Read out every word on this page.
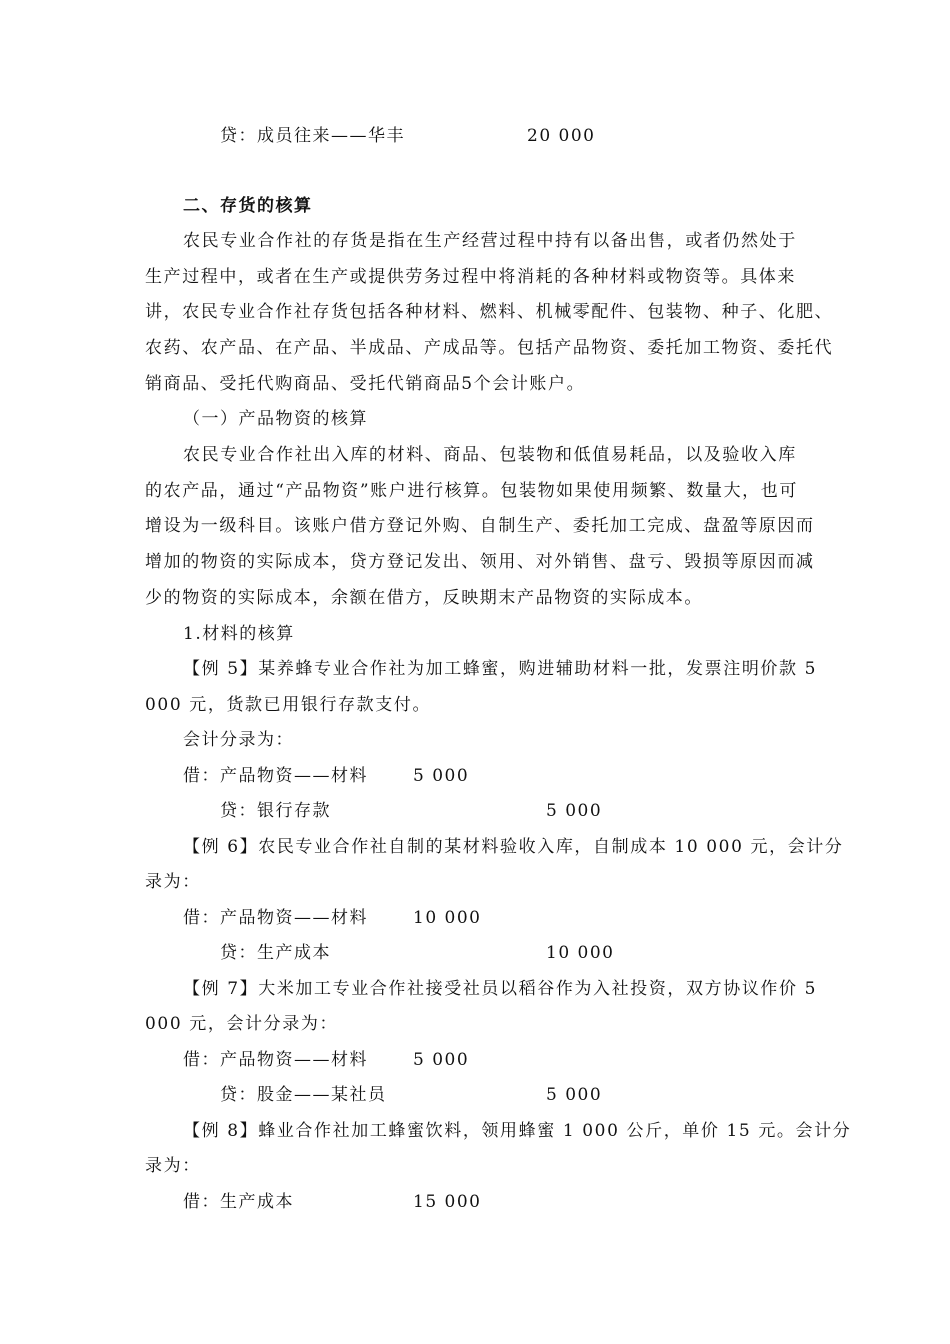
贷：成员往来——华丰	20 000
二、存货的核算
农民专业合作社的存货是指在生产经营过程中持有以备出售，或者仍然处于
生产过程中，或者在生产或提供劳务过程中将消耗的各种材料或物资等。具体来
讲，农民专业合作社存货包括各种材料、燃料、机械零配件、包装物、种子、化肥、
农药、农产品、在产品、半成品、产成品等。包括产品物资、委托加工物资、委托代
销商品、受托代购商品、受托代销商品5个会计账户。
（一）产品物资的核算
农民专业合作社出入库的材料、商品、包装物和低值易耗品，以及验收入库
的农产品，通过“产品物资”账户进行核算。包装物如果使用频繁、数量大，也可
增设为一级科目。该账户借方登记外购、自制生产、委托加工完成、盘盈等原因而
增加的物资的实际成本，贷方登记发出、领用、对外销售、盘亏、毁损等原因而减
少的物资的实际成本，余额在借方，反映期末产品物资的实际成本。
1.材料的核算
【例 5】某养蜂专业合作社为加工蜂蜜，购进辅助材料一批，发票注明价款 5
000 元，货款已用银行存款支付。
会计分录为：
借：产品物资——材料	5 000
贷：银行存款	5 000
【例 6】农民专业合作社自制的某材料验收入库，自制成本 10 000 元，会计分
录为：
借：产品物资——材料	10 000
贷：生产成本	10 000
【例 7】大米加工专业合作社接受社员以稻谷作为入社投资，双方协议作价 5
000 元，会计分录为：
借：产品物资——材料	5 000
贷：股金——某社员	5 000
【例 8】蜂业合作社加工蜂蜜饮料，领用蜂蜜 1 000 公斤，单价 15 元。会计分
录为：
借：生产成本	15 000
